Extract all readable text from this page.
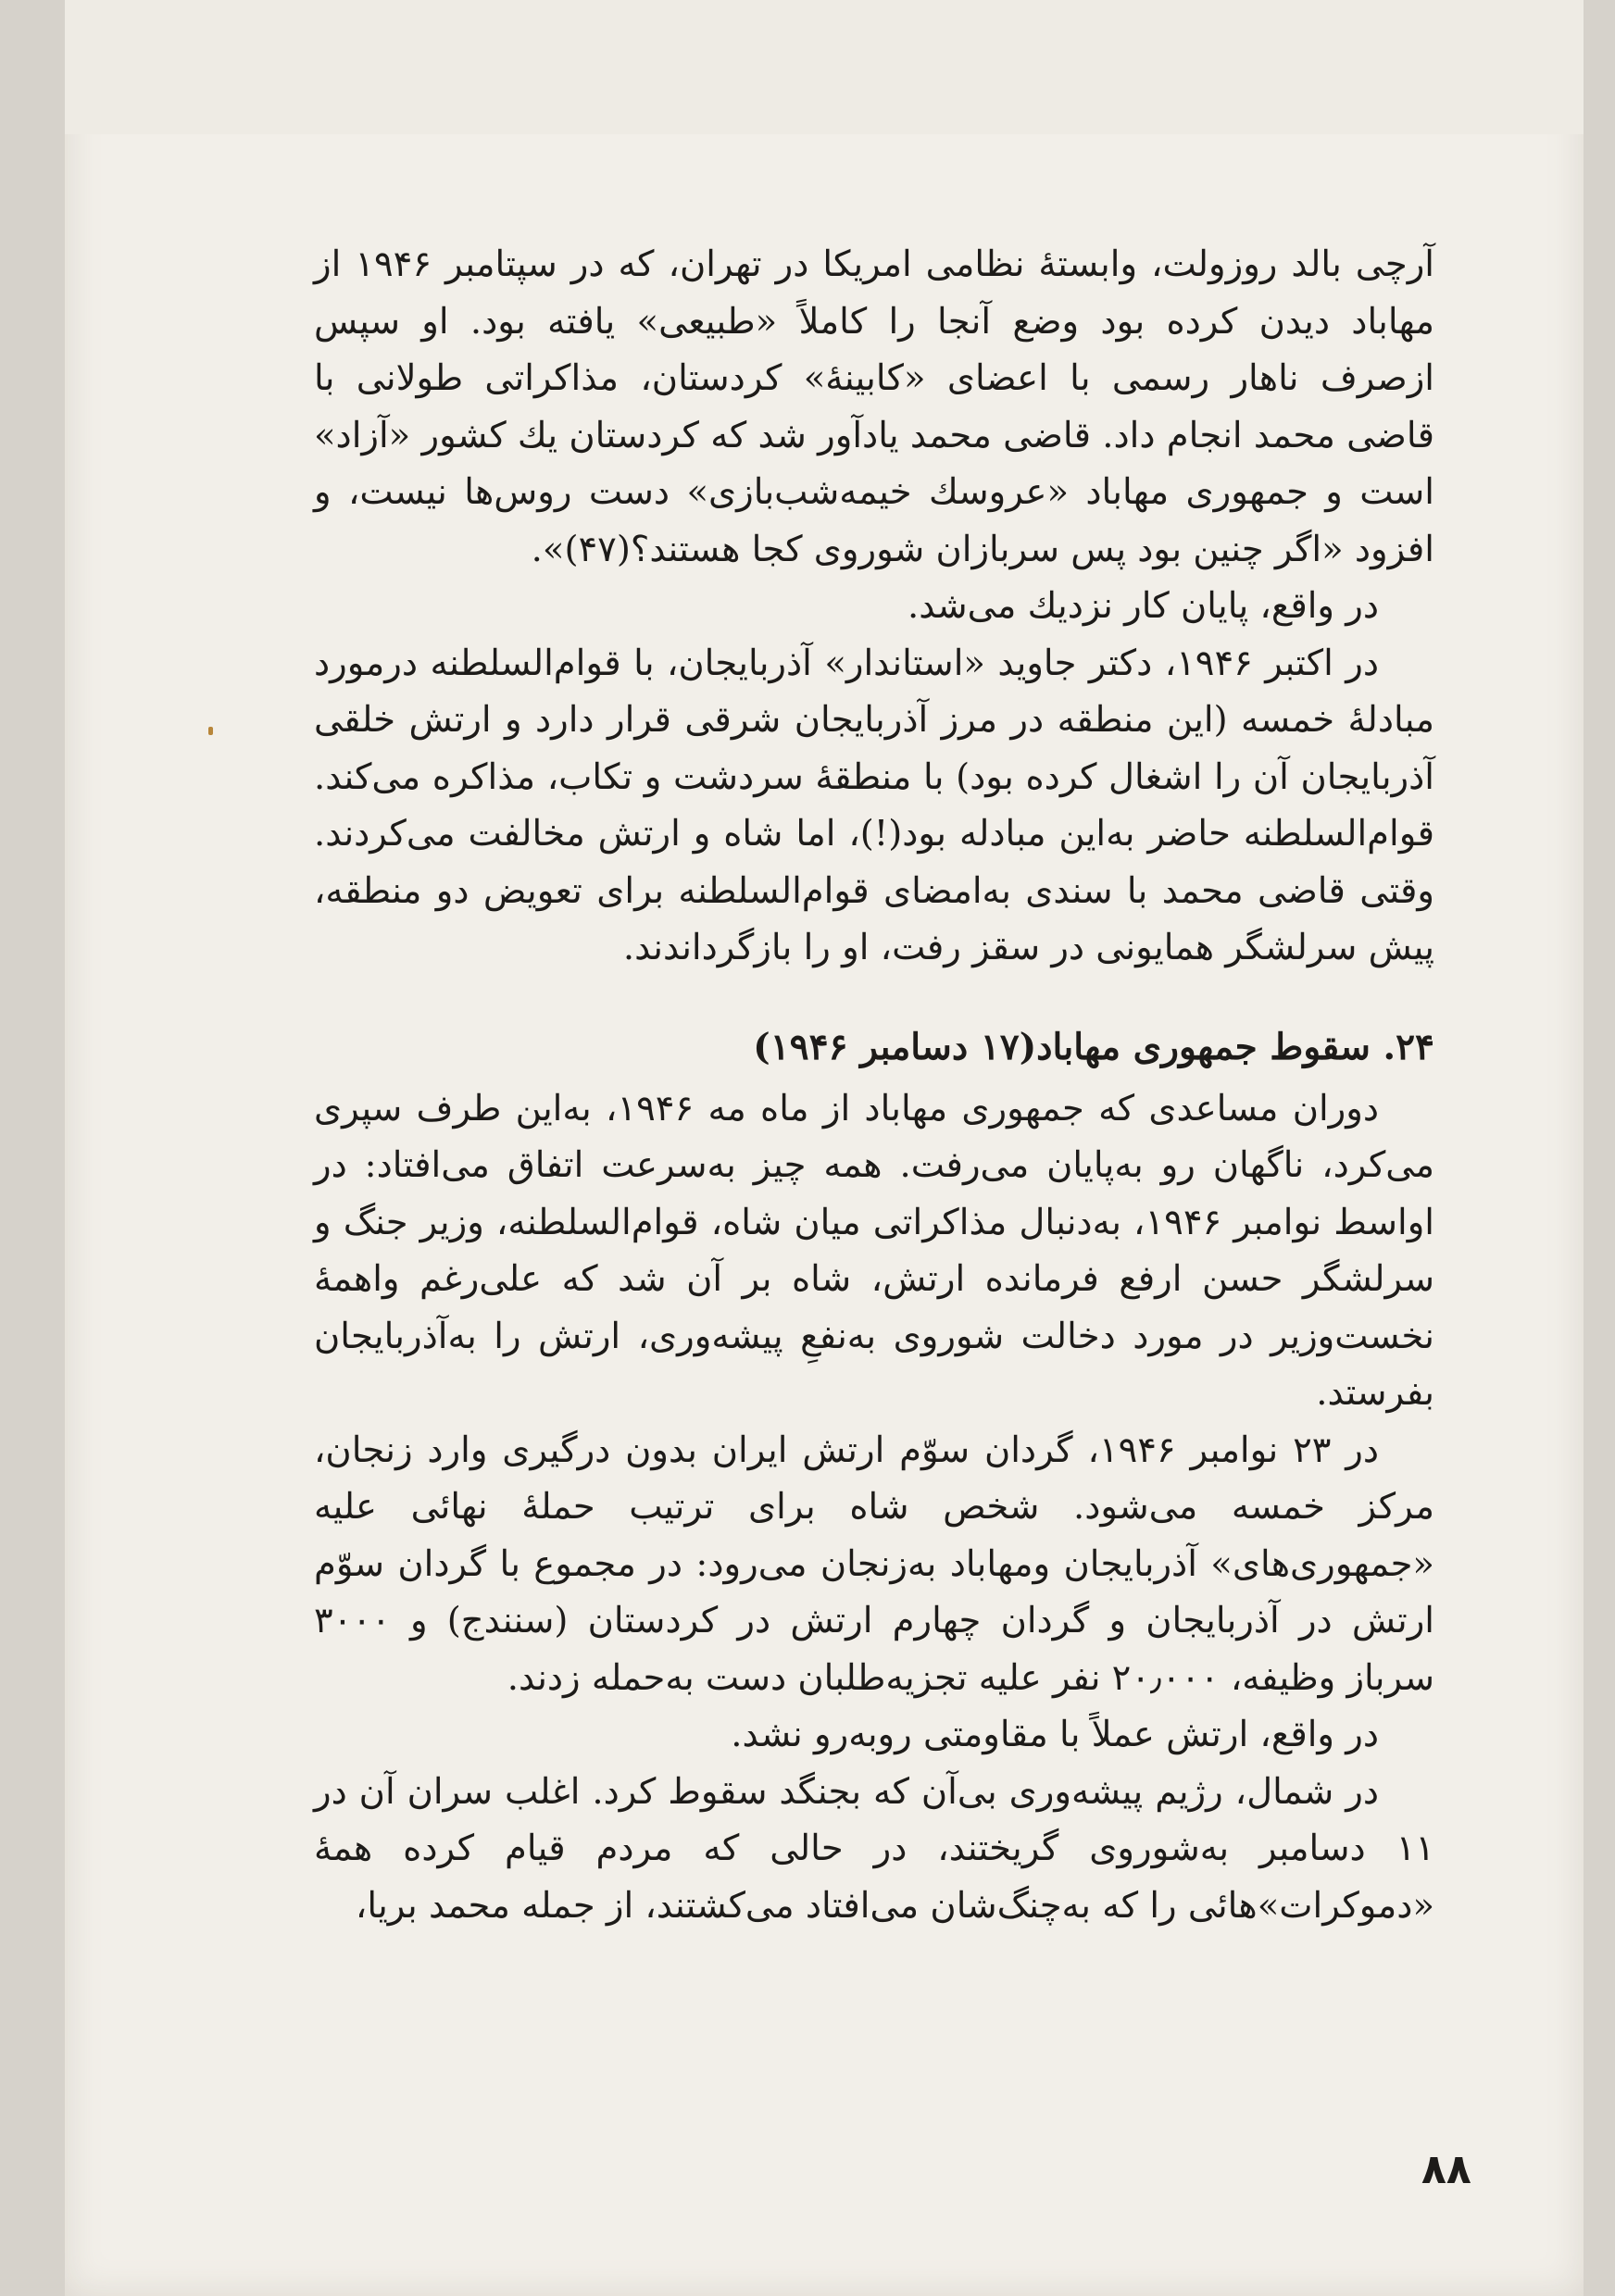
آرچی بالد روزولت، وابستهٔ نظامی امریکا در تهران، که در سپتامبر ۱۹۴۶ از مهاباد دیدن کرده بود وضع آنجا را کاملاً «طبیعی» یافته بود. او سپس ازصرف ناهار رسمی با اعضای «کابینهٔ» کردستان، مذاکراتی طولانی با قاضی محمد انجام داد. قاضی محمد یادآور شد که کردستان یك کشور «آزاد» است و جمهوری مهاباد «عروسك خیمه‌شب‌بازی» دست روس‌ها نیست، و افزود «اگر چنین بود پس سربازان شوروی کجا هستند؟(۴۷)».

در واقع، پایان کار نزدیك می‌شد.

در اکتبر ۱۹۴۶، دکتر جاوید «استاندار» آذربایجان، با قوام‌السلطنه درمورد مبادلهٔ خمسه (این منطقه در مرز آذربایجان شرقی قرار دارد و ارتش خلقی آذربایجان آن را اشغال کرده بود) با منطقهٔ سردشت و تکاب، مذاکره می‌کند. قوام‌السلطنه حاضر به‌این مبادله بود(!)، اما شاه و ارتش مخالفت می‌کردند. وقتی قاضی محمد با سندی به‌امضای قوام‌السلطنه برای تعویض دو منطقه، پیش سرلشگر همایونی در سقز رفت، او را بازگرداندند.

۲۴. سقوط جمهوری مهاباد(۱۷ دسامبر ۱۹۴۶)

دوران مساعدی که جمهوری مهاباد از ماه مه ۱۹۴۶، به‌این طرف سپری می‌کرد، ناگهان رو به‌پایان می‌رفت. همه چیز به‌سرعت اتفاق می‌افتاد: در اواسط نوامبر ۱۹۴۶، به‌دنبال مذاکراتی میان شاه، قوام‌السلطنه، وزیر جنگ و سرلشگر حسن ارفع فرمانده ارتش، شاه بر آن شد که علی‌رغم واهمهٔ نخست‌وزیر در مورد دخالت شوروی به‌نفعِ پیشه‌وری، ارتش را به‌آذربایجان بفرستد.

در ۲۳ نوامبر ۱۹۴۶، گردان سوّم ارتش ایران بدون درگیری وارد زنجان، مرکز خمسه می‌شود. شخص شاه برای ترتیب حملهٔ نهائی علیه «جمهوری‌های» آذربایجان ومهاباد به‌زنجان می‌رود: در مجموع با گردان سوّم ارتش در آذربایجان و گردان چهارم ارتش در کردستان (سنندج) و ۳۰۰۰ سرباز وظیفه، ۲۰٫۰۰۰ نفر علیه تجزیه‌طلبان دست به‌حمله زدند.

در واقع، ارتش عملاً با مقاومتی روبه‌رو نشد.

در شمال، رژیم پیشه‌وری بی‌آن که بجنگد سقوط کرد. اغلب سران آن در ۱۱ دسامبر به‌شوروی گریختند، در حالی که مردم قیام کرده همهٔ «دموکرات»هائی را که به‌چنگ‌شان می‌افتاد می‌کشتند، از جمله محمد بریا،

۸۸
